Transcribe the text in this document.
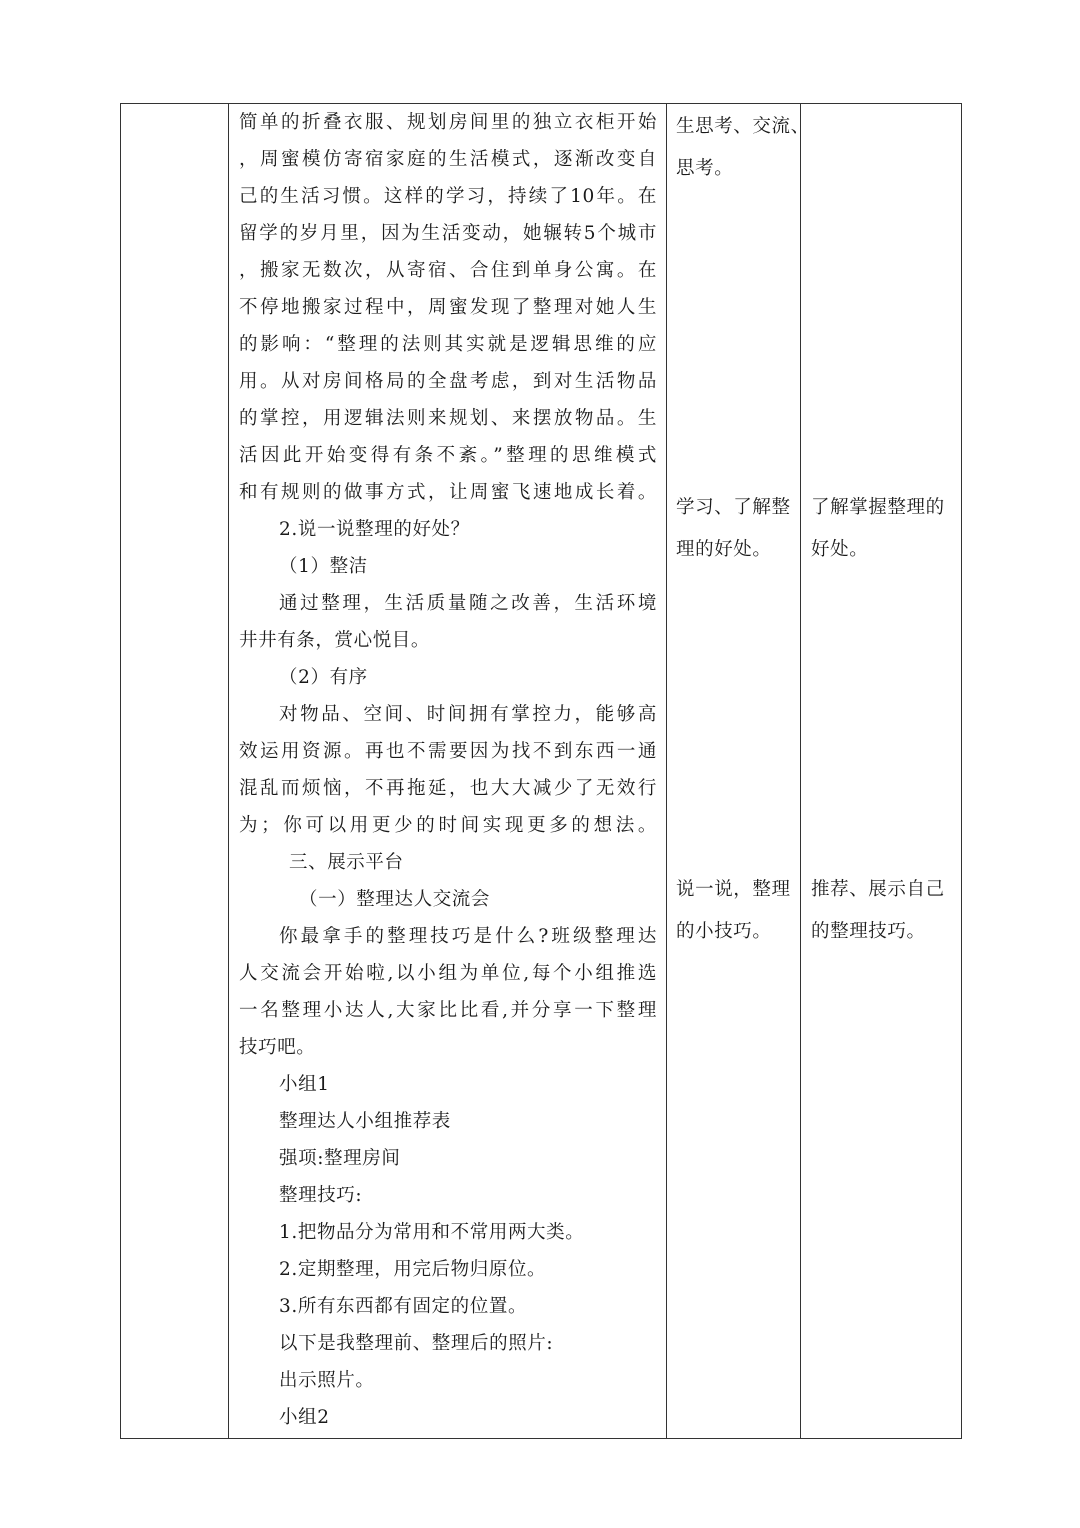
简单的折叠衣服、规划房间里的独立衣柜开始
，周蜜模仿寄宿家庭的生活模式，逐渐改变自
己的生活习惯。这样的学习，持续了10年。在
留学的岁月里，因为生活变动，她辗转5个城市
，搬家无数次，从寄宿、合住到单身公寓。在
不停地搬家过程中，周蜜发现了整理对她人生
的影响：“整理的法则其实就是逻辑思维的应
用。从对房间格局的全盘考虑，到对生活物品
的掌控，用逻辑法则来规划、来摆放物品。生
活因此开始变得有条不紊。”整理的思维模式
和有规则的做事方式，让周蜜飞速地成长着。
2.说一说整理的好处？
（1）整洁
通过整理，生活质量随之改善，生活环境
井井有条，赏心悦目。
（2）有序
对物品、空间、时间拥有掌控力，能够高
效运用资源。再也不需要因为找不到东西一通
混乱而烦恼，不再拖延，也大大减少了无效行
为；你可以用更少的时间实现更多的想法。
三、展示平台
（一）整理达人交流会
你最拿手的整理技巧是什么?班级整理达
人交流会开始啦,以小组为单位,每个小组推选
一名整理小达人,大家比比看,并分享一下整理
技巧吧。
小组1
整理达人小组推荐表
强项:整理房间
整理技巧:
1.把物品分为常用和不常用两大类。
2.定期整理，用完后物归原位。
3.所有东西都有固定的位置。
以下是我整理前、整理后的照片:
出示照片。
小组2
生思考、交流、
思考。
学习、了解整
理的好处。
说一说，整理
的小技巧。
了解掌握整理的
好处。
推荐、展示自己
的整理技巧。
